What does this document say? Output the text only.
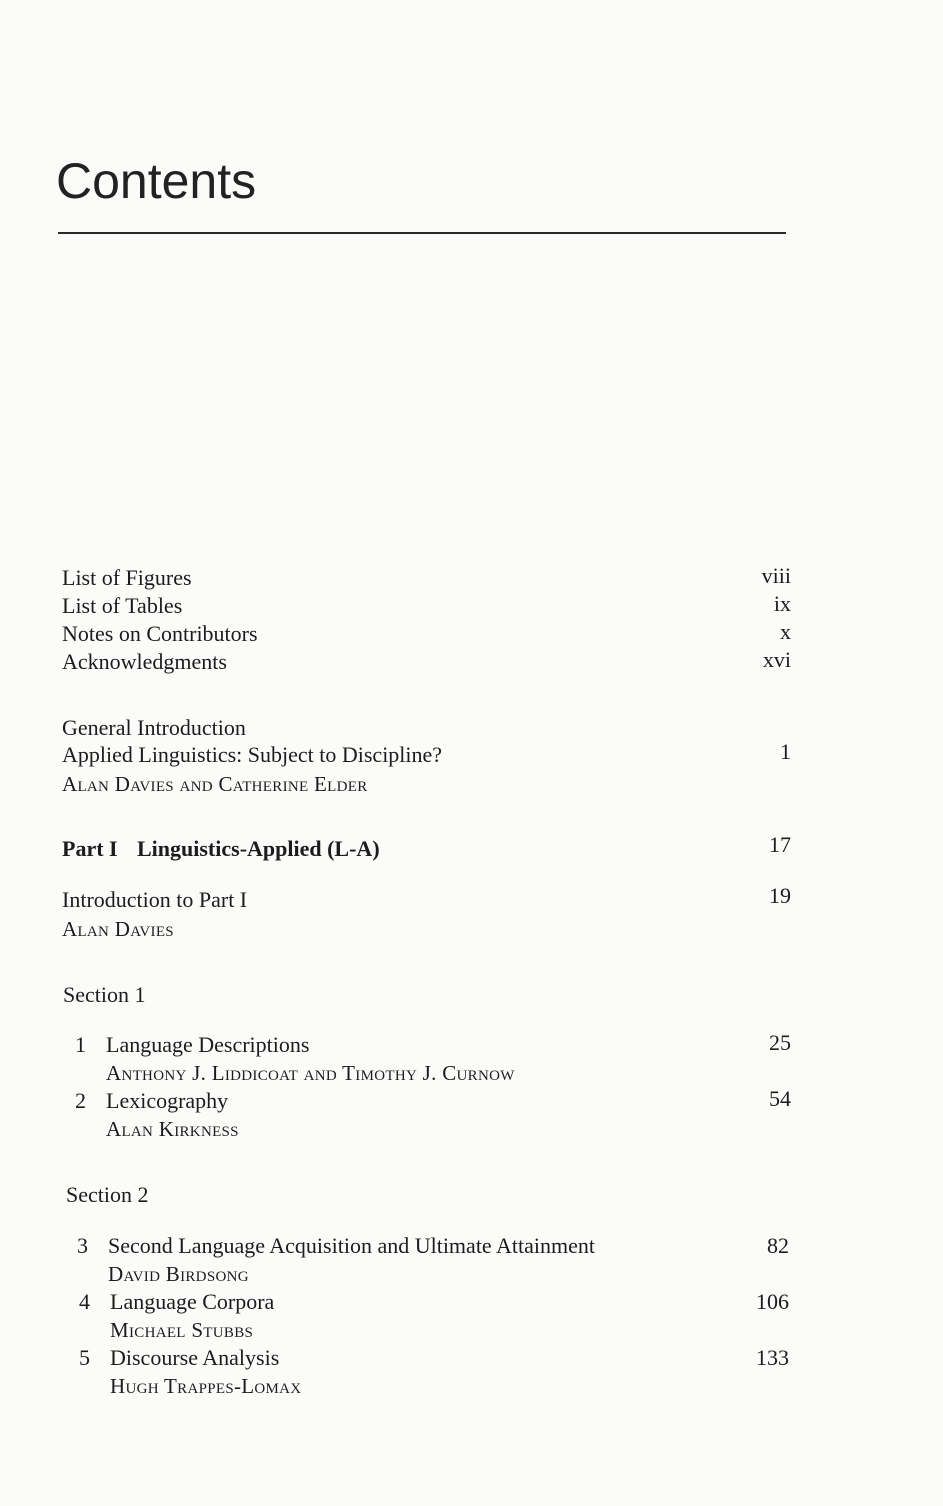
Contents
List of Figures	viii
List of Tables	ix
Notes on Contributors	x
Acknowledgments	xvi
General Introduction
Applied Linguistics: Subject to Discipline?	1
Alan Davies and Catherine Elder
Part I Linguistics-Applied (L-A)	17
Introduction to Part I	19
Alan Davies
Section 1
1 Language Descriptions	25
Anthony J. Liddicoat and Timothy J. Curnow
2 Lexicography	54
Alan Kirkness
Section 2
3 Second Language Acquisition and Ultimate Attainment	82
David Birdsong
4 Language Corpora	106
Michael Stubbs
5 Discourse Analysis	133
Hugh Trappes-Lomax
